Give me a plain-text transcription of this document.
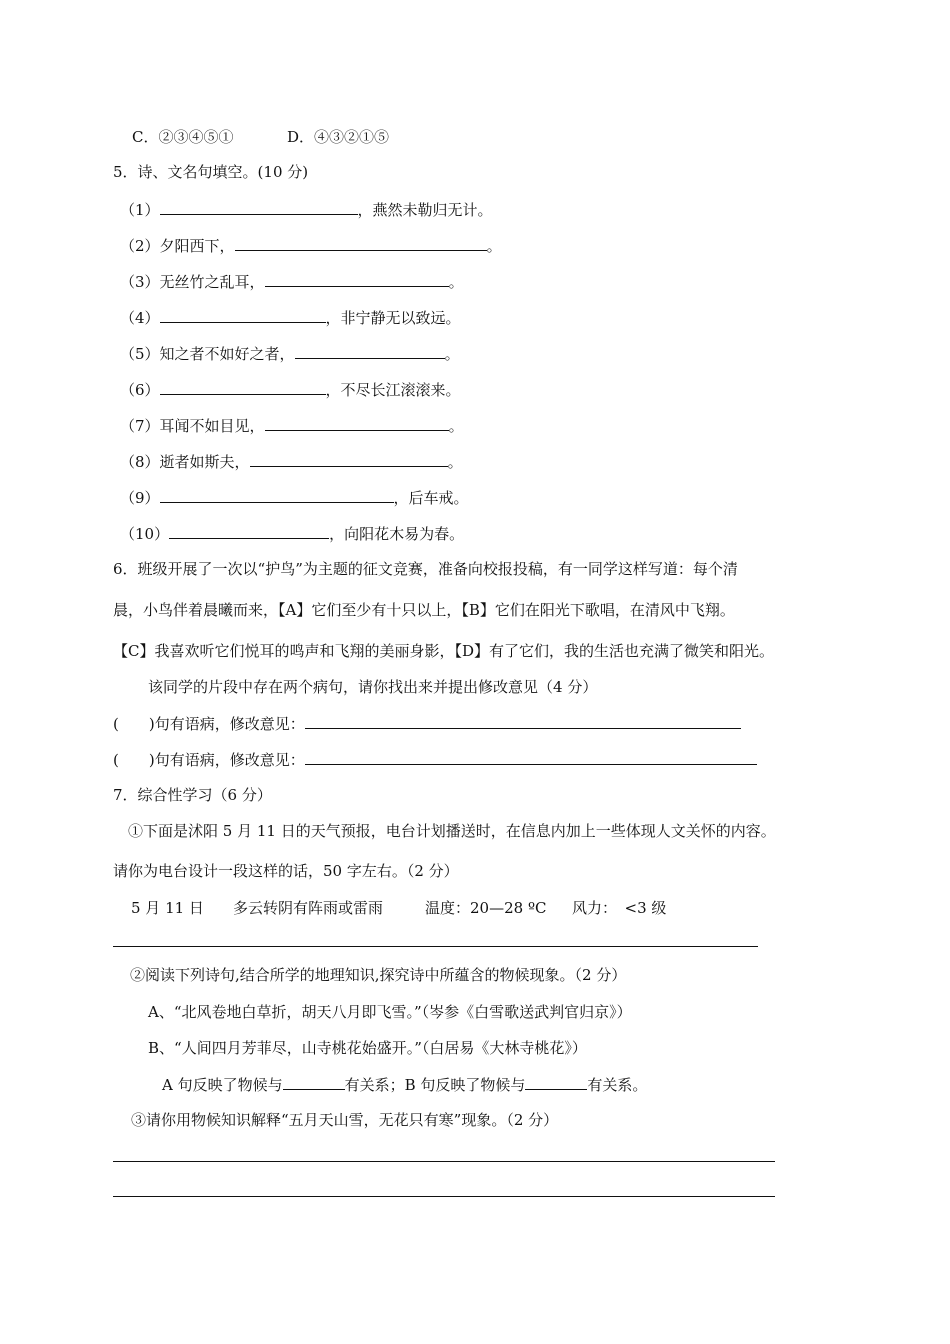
C．②③④⑤①	D．④③②①⑤
5．诗、文名句填空。(10 分)
（1）	，燕然未勒归无计。
（2）夕阳西下，	。
（3）无丝竹之乱耳，	。
（4）	，非宁静无以致远。
（5）知之者不如好之者，	。
（6）	，不尽长江滚滚来。
（7）耳闻不如目见，	。
（8）逝者如斯夫，	。
（9）	，后车戒。
（10）	，向阳花木易为春。
6．班级开展了一次以“护鸟”为主题的征文竞赛，准备向校报投稿，有一同学这样写道：每个清
晨，小鸟伴着晨曦而来，【A】它们至少有十只以上，【B】它们在阳光下歌唱，在清风中飞翔。
【C】我喜欢听它们悦耳的鸣声和飞翔的美丽身影，【D】有了它们，我的生活也充满了微笑和阳光。
该同学的片段中存在两个病句，请你找出来并提出修改意见（4 分）
(　　)句有语病，修改意见：
(　　)句有语病，修改意见：
7．综合性学习（6 分）
①下面是沭阳 5 月 11 日的天气预报，电台计划播送时，在信息内加上一些体现人文关怀的内容。
请你为电台设计一段这样的话，50 字左右。（2 分）
5 月 11 日 多云转阴有阵雨或雷雨	温度：20—28 ºC 风力：　<3 级
②阅读下列诗句,结合所学的地理知识,探究诗中所蕴含的物候现象。（2 分）
A、“北风卷地白草折，胡天八月即飞雪。”（岑参《白雪歌送武判官归京》）
B、“人间四月芳菲尽，山寺桃花始盛开。”（白居易《大林寺桃花》）
A 句反映了物候与	有关系；B 句反映了物候与	有关系。
③请你用物候知识解释“五月天山雪，无花只有寒”现象。（2 分）
